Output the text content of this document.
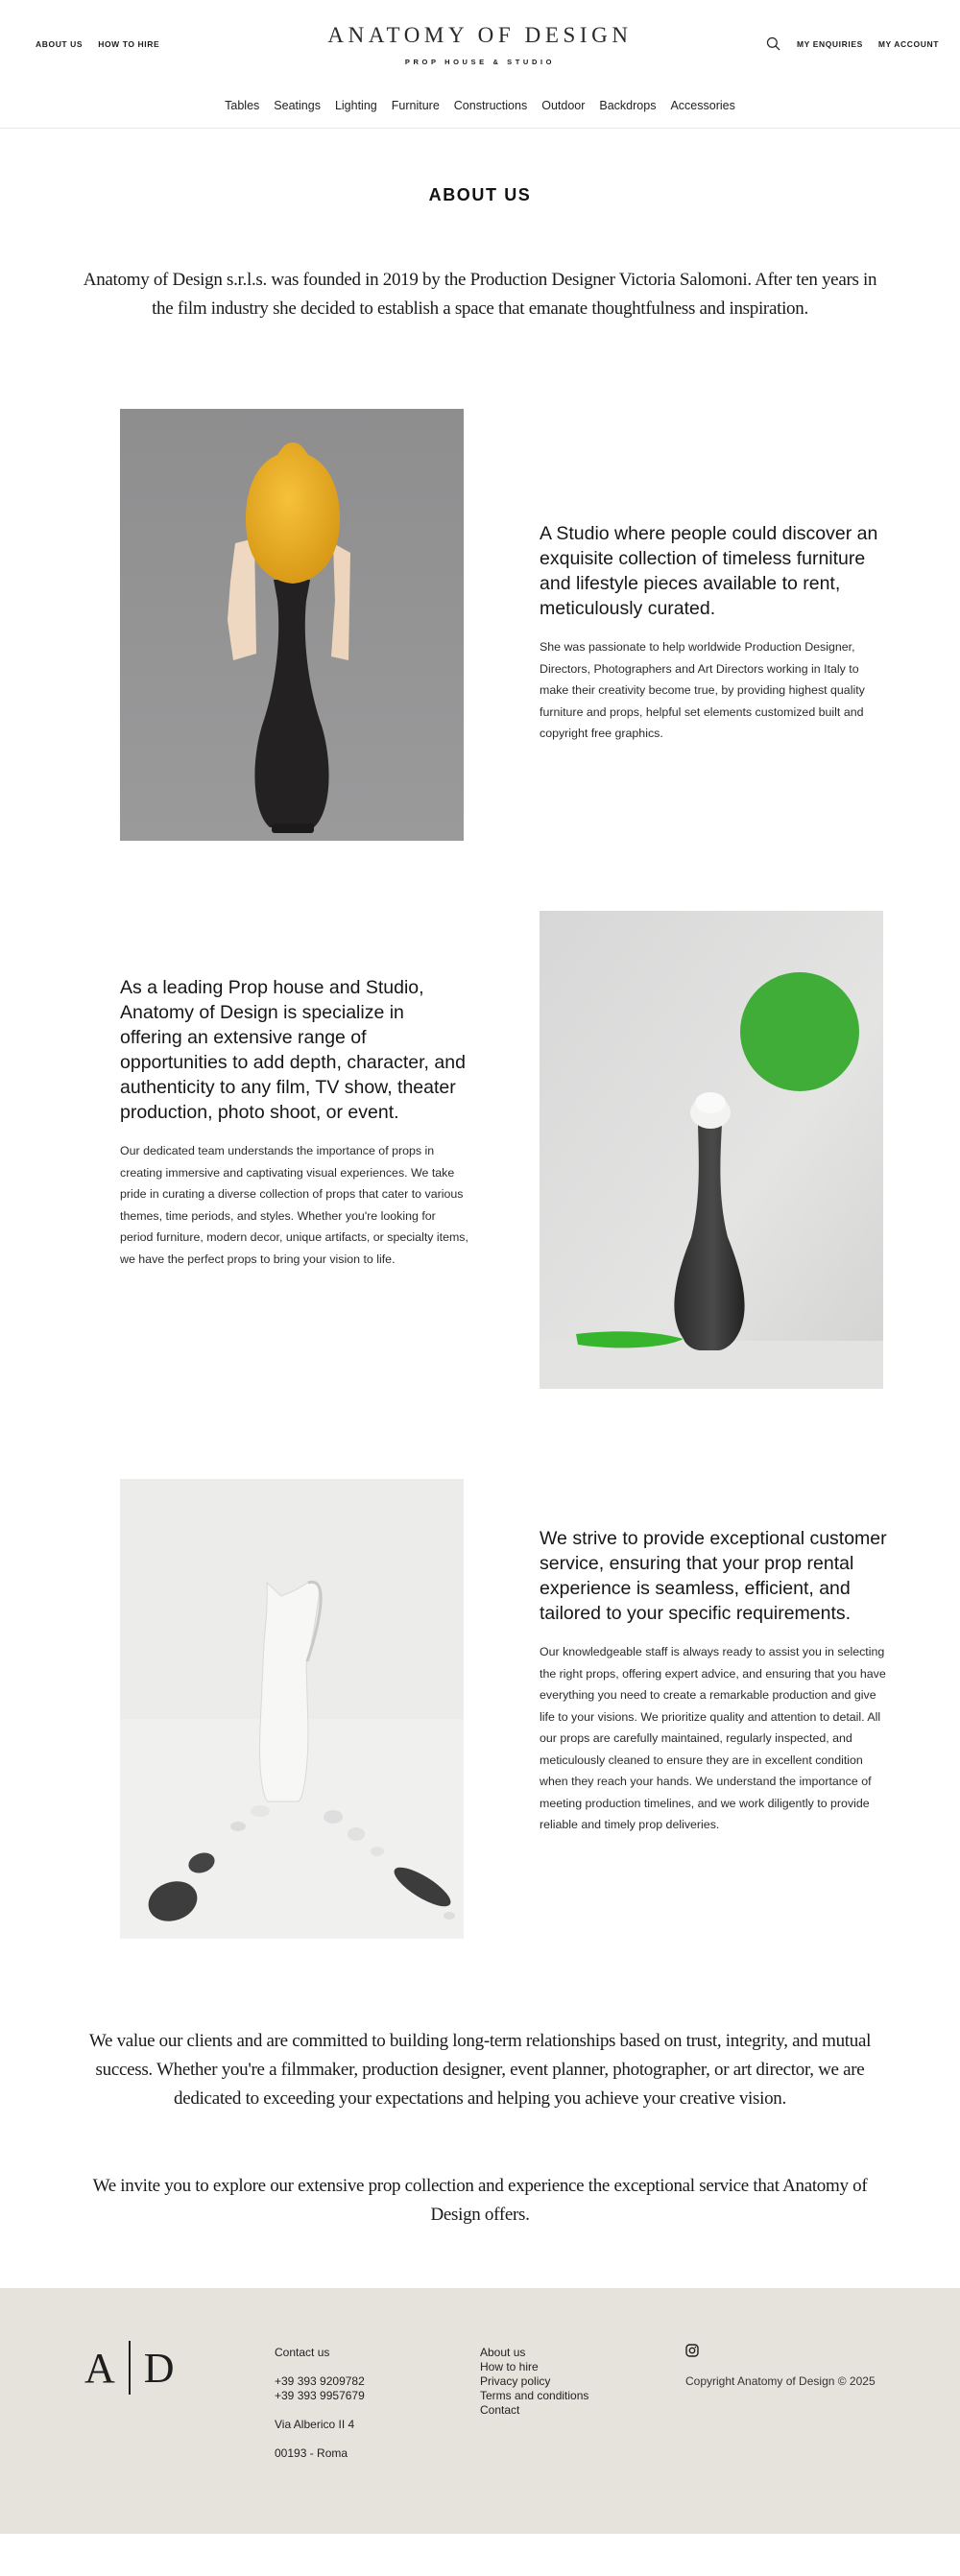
ABOUT US HOW TO HIRE	ANATOMY OF DESIGN
PROP HOUSE & STUDIO
MY ENQUIRIES MY ACCOUNT
Tables Seatings Lighting Furniture Constructions Outdoor Backdrops Accessories
ABOUT US

Anatomy of Design s.r.l.s. was founded in 2019 by the Production Designer Victoria Salomoni. After ten years in the film industry she decided to establish a space that emanate thoughtfulness and inspiration.

A Studio where people could discover an exquisite collection of timeless furniture and lifestyle pieces available to rent, meticulously curated.

She was passionate to help worldwide Production Designer, Directors, Photographers and Art Directors working in Italy to make their creativity become true, by providing highest quality furniture and props, helpful set elements customized built and copyright free graphics.

As a leading Prop house and Studio, Anatomy of Design is specialize in offering an extensive range of opportunities to add depth, character, and authenticity to any film, TV show, theater production, photo shoot, or event.

Our dedicated team understands the importance of props in creating immersive and captivating visual experiences. We take pride in curating a diverse collection of props that cater to various themes, time periods, and styles. Whether you're looking for period furniture, modern decor, unique artifacts, or specialty items, we have the perfect props to bring your vision to life.

We strive to provide exceptional customer service, ensuring that your prop rental experience is seamless, efficient, and tailored to your specific requirements.

Our knowledgeable staff is always ready to assist you in selecting the right props, offering expert advice, and ensuring that you have everything you need to create a remarkable production and give life to your visions. We prioritize quality and attention to detail. All our props are carefully maintained, regularly inspected, and meticulously cleaned to ensure they are in excellent condition when they reach your hands. We understand the importance of meeting production timelines, and we work diligently to provide reliable and timely prop deliveries.

We value our clients and are committed to building long-term relationships based on trust, integrity, and mutual success. Whether you're a filmmaker, production designer, event planner, photographer, or art director, we are dedicated to exceeding your expectations and helping you achieve your creative vision.

We invite you to explore our extensive prop collection and experience the exceptional service that Anatomy of Design offers.

A D	Contact us
+39 393 9209782
+39 393 9957679
Via Alberico II 4
00193 - Roma
About us
How to hire
Privacy policy
Terms and conditions
Contact
Copyright Anatomy of Design © 2025
